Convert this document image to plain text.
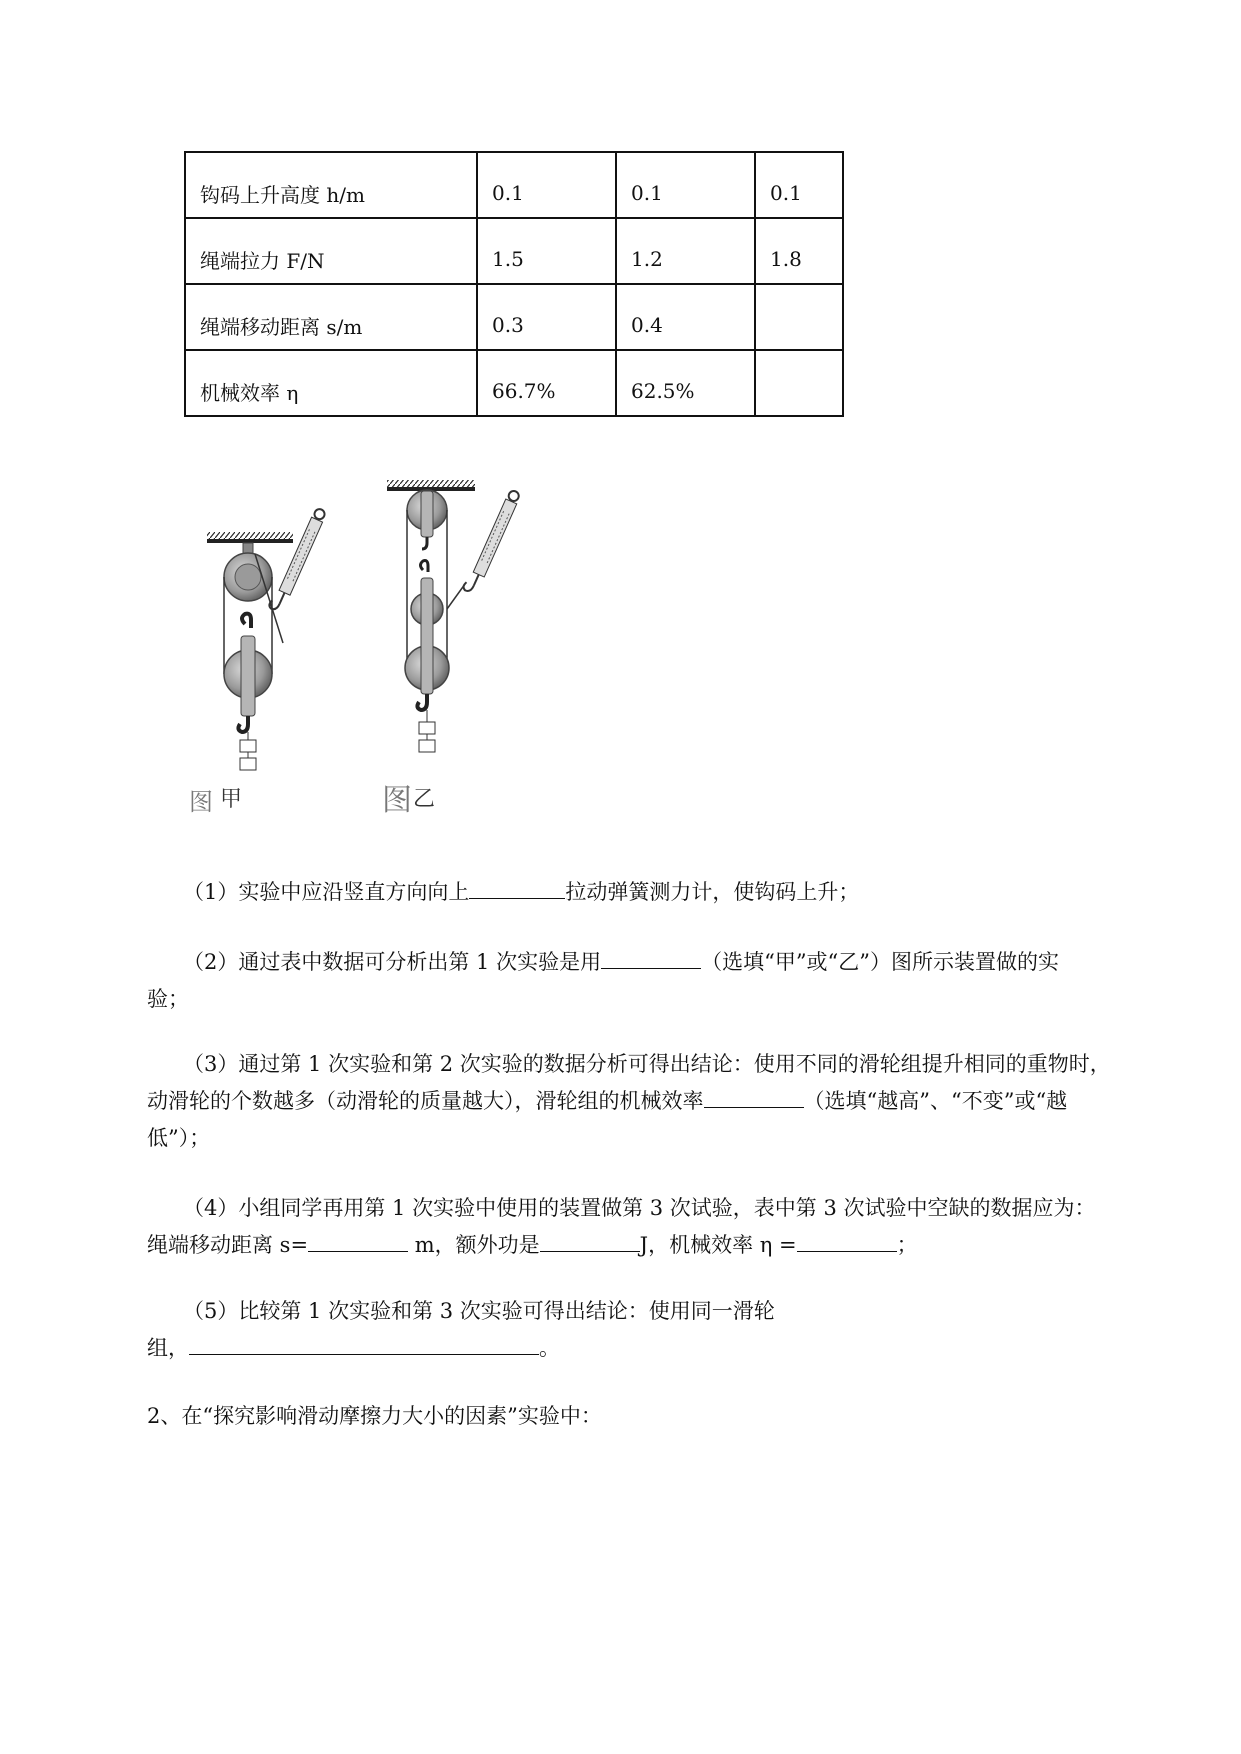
钩码上升高度 h/m	0.1	0.1	0.1
绳端拉力 F/N	1.5	1.2	1.8
绳端移动距离 s/m	0.3	0.4	
机械效率 η	66.7%	62.5%	
图 甲	图 乙

（1）实验中应沿竖直方向向上	拉动弹簧测力计，使钩码上升；

（2）通过表中数据可分析出第 1 次实验是用	（选填“甲”或“乙”）图所示装置做的实

验；

（3）通过第 1 次实验和第 2 次实验的数据分析可得出结论：使用不同的滑轮组提升相同的重物时，

动滑轮的个数越多（动滑轮的质量越大），滑轮组的机械效率	（选填“越高”、“不变”或“越

低”）；

（4）小组同学再用第 1 次实验中使用的装置做第 3 次试验，表中第 3 次试验中空缺的数据应为：

绳端移动距离 s=	m，额外功是	J，机械效率 η =	；

（5）比较第 1 次实验和第 3 次实验可得出结论：使用同一滑轮

组，	。

2、在“探究影响滑动摩擦力大小的因素”实验中：
